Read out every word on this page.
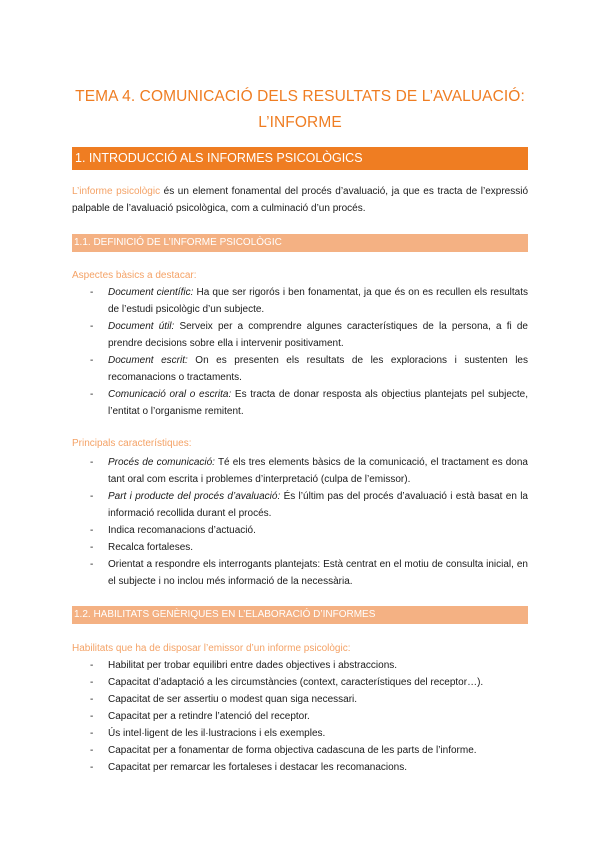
TEMA 4. COMUNICACIÓ DELS RESULTATS DE L’AVALUACIÓ:
L’INFORME
1. INTRODUCCIÓ ALS INFORMES PSICOLÒGICS
L’informe psicològic és un element fonamental del procés d’avaluació, ja que es tracta de l’expressió palpable de l’avaluació psicològica, com a culminació d’un procés.
1.1. DEFINICIÓ DE L’INFORME PSICOLÒGIC
Aspectes bàsics a destacar:
- Document científic: Ha que ser rigorós i ben fonamentat, ja que és on es recullen els resultats de l’estudi psicològic d’un subjecte.
- Document útil: Serveix per a comprendre algunes característiques de la persona, a fi de prendre decisions sobre ella i intervenir positivament.
- Document escrit: On es presenten els resultats de les exploracions i sustenten les recomanacions o tractaments.
- Comunicació oral o escrita: Es tracta de donar resposta als objectius plantejats pel subjecte, l’entitat o l’organisme remitent.
Principals característiques:
- Procés de comunicació: Té els tres elements bàsics de la comunicació, el tractament es dona tant oral com escrita i problemes d’interpretació (culpa de l’emissor).
- Part i producte del procés d’avaluació: És l’últim pas del procés d’avaluació i està basat en la informació recollida durant el procés.
- Indica recomanacions d’actuació.
- Recalca fortaleses.
- Orientat a respondre els interrogants plantejats: Està centrat en el motiu de consulta inicial, en el subjecte i no inclou més informació de la necessària.
1.2. HABILITATS GENÈRIQUES EN L’ELABORACIÓ D’INFORMES
Habilitats que ha de disposar l’emissor d’un informe psicològic:
- Habilitat per trobar equilibri entre dades objectives i abstraccions.
- Capacitat d’adaptació a les circumstàncies (context, característiques del receptor…).
- Capacitat de ser assertiu o modest quan siga necessari.
- Capacitat per a retindre l’atenció del receptor.
- Ús intel·ligent de les il·lustracions i els exemples.
- Capacitat per a fonamentar de forma objectiva cadascuna de les parts de l’informe.
- Capacitat per remarcar les fortaleses i destacar les recomanacions.
